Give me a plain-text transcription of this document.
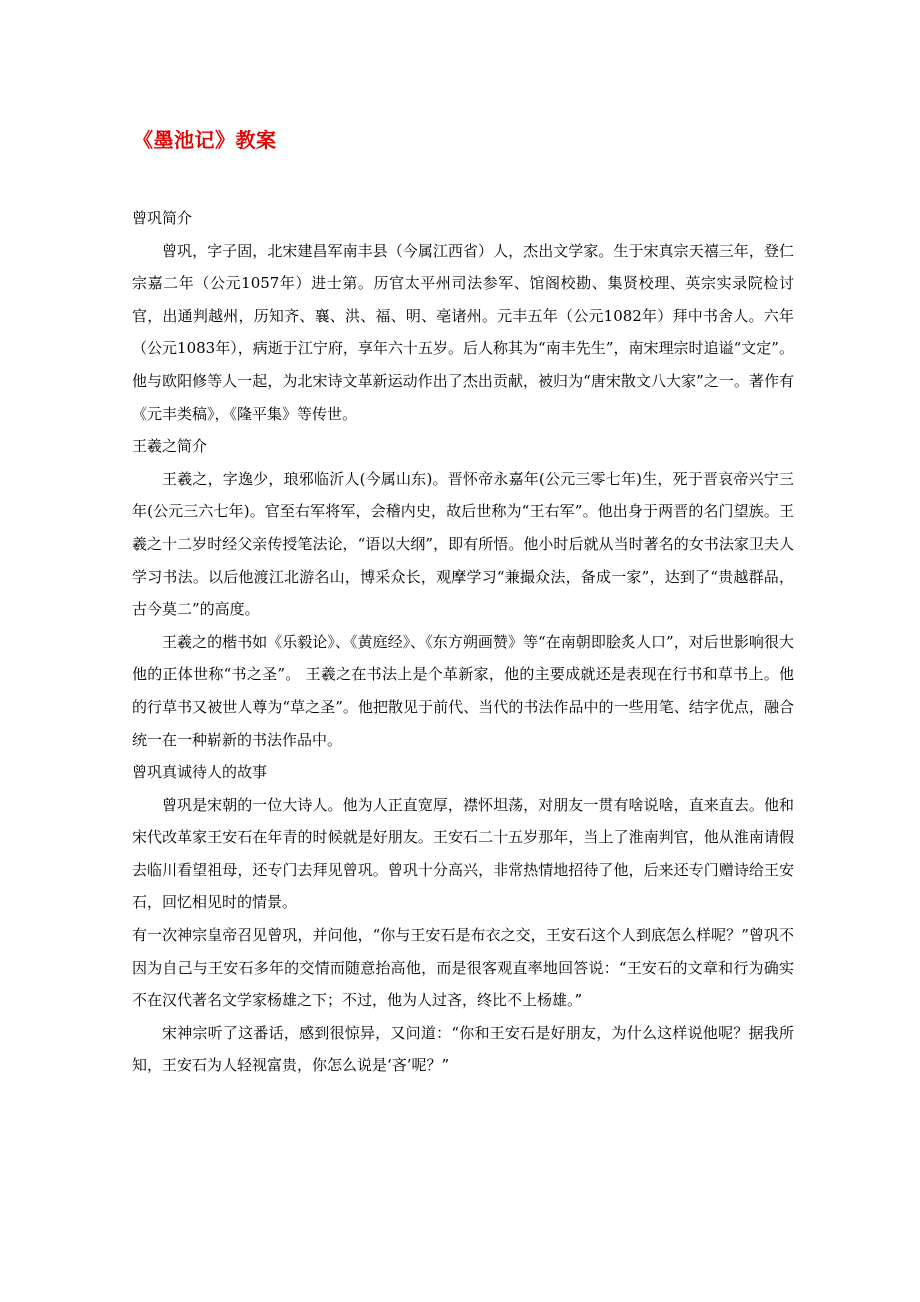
《墨池记》教案

曾巩简介

曾巩，字子固，北宋建昌军南丰县（今属江西省）人，杰出文学家。生于宋真宗天禧三年，登仁宗嘉二年（公元1057年）进士第。历官太平州司法参军、馆阁校勘、集贤校理、英宗实录院检讨官，出通判越州，历知齐、襄、洪、福、明、亳诸州。元丰五年（公元1082年）拜中书舍人。六年（公元1083年），病逝于江宁府，享年六十五岁。后人称其为“南丰先生”，南宋理宗时追谥“文定”。他与欧阳修等人一起，为北宋诗文革新运动作出了杰出贡献，被归为“唐宋散文八大家”之一。著作有《元丰类稿》，《隆平集》等传世。

王羲之简介

王羲之，字逸少，琅邪临沂人(今属山东)。晋怀帝永嘉年(公元三零七年)生，死于晋哀帝兴宁三年(公元三六七年)。官至右军将军，会稽内史，故后世称为“王右军”。他出身于两晋的名门望族。王羲之十二岁时经父亲传授笔法论，“语以大纲”，即有所悟。他小时后就从当时著名的女书法家卫夫人学习书法。以后他渡江北游名山，博采众长，观摩学习“兼撮众法，备成一家”，达到了“贵越群品，古今莫二”的高度。

王羲之的楷书如《乐毅论》、《黄庭经》、《东方朔画赞》等“在南朝即脍炙人口”，对后世影响很大他的正体世称“书之圣”。 王羲之在书法上是个革新家，他的主要成就还是表现在行书和草书上。他的行草书又被世人尊为“草之圣”。他把散见于前代、当代的书法作品中的一些用笔、结字优点，融合统一在一种崭新的书法作品中。

曾巩真诚待人的故事

曾巩是宋朝的一位大诗人。他为人正直宽厚，襟怀坦荡，对朋友一贯有啥说啥，直来直去。他和宋代改革家王安石在年青的时候就是好朋友。王安石二十五岁那年，当上了淮南判官，他从淮南请假去临川看望祖母，还专门去拜见曾巩。曾巩十分高兴，非常热情地招待了他，后来还专门赠诗给王安石，回忆相见时的情景。

有一次神宗皇帝召见曾巩，并问他，“你与王安石是布衣之交，王安石这个人到底怎么样呢？”曾巩不因为自己与王安石多年的交情而随意抬高他，而是很客观直率地回答说：“王安石的文章和行为确实不在汉代著名文学家杨雄之下；不过，他为人过吝，终比不上杨雄。”

宋神宗听了这番话，感到很惊异，又问道：“你和王安石是好朋友，为什么这样说他呢？据我所知，王安石为人轻视富贵，你怎么说是‘吝’呢？”
